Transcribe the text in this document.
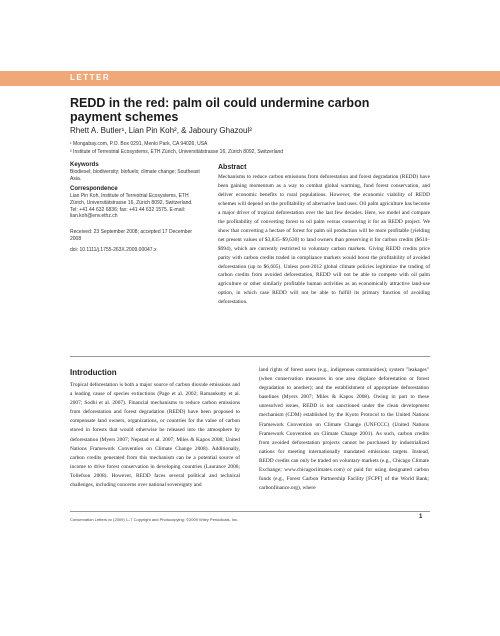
LETTER
REDD in the red: palm oil could undermine carbon payment schemes
Rhett A. Butler¹, Lian Pin Koh², & Jaboury Ghazoul²
¹ Mongabay.com, P.O. Box 0291, Menlo Park, CA 94026, USA
² Institute of Terrestrial Ecosystems, ETH Zürich, Universitätstrasse 16, Zürich 8092, Switzerland
Keywords
Biodiesel; biodiversity; biofuels; climate change; Southeast Asia.
Correspondence
Lian Pin Koh, Institute of Terrestrial Ecosystems, ETH Zürich, Universitätstrasse 16, Zürich 8092, Switzerland. Tel: +41 44 632 6836; fax: +41 44 632 1575. E-mail: lian.koh@env.ethz.ch
Received: 23 September 2008; accepted 17 December 2008
doi: 10.1111/j.1755-263X.2009.00047.x
Abstract

Mechanisms to reduce carbon emissions from deforestation and forest degradation (REDD) have been gaining momentum as a way to combat global warming, fund forest conservation, and deliver economic benefits to rural populations. However, the economic viability of REDD schemes will depend on the profitability of alternative land uses. Oil palm agriculture has become a major driver of tropical deforestation over the last few decades. Here, we model and compare the profitability of converting forest to oil palm versus conserving it for an REDD project. We show that converting a hectare of forest for palm oil production will be more profitable (yielding net present values of $3,835–$9,630) to land owners than preserving it for carbon credits ($614–$994), which are currently restricted to voluntary carbon markets. Giving REDD credits price parity with carbon credits traded in compliance markets would boost the profitability of avoided deforestation (up to $6,605). Unless post-2012 global climate policies legitimize the trading of carbon credits from avoided deforestation, REDD will not be able to compete with oil palm agriculture or other similarly profitable human activities as an economically attractive land-use option, in which case REDD will not be able to fulfill its primary function of avoiding deforestation.

Introduction

Tropical deforestation is both a major source of carbon dioxide emissions and a leading cause of species extinctions (Page et al. 2002; Ramankutty et al. 2007; Sodhi et al. 2007). Financial mechanisms to reduce carbon emissions from deforestation and forest degradation (REDD) have been proposed to compensate land owners, organizations, or countries for the value of carbon stored in forests that would otherwise be released into the atmosphere by deforestation (Myers 2007; Nepstad et al. 2007; Miles & Kapos 2008; United Nations Framework Convention on Climate Change 2008). Additionally, carbon credits generated from this mechanism can be a potential source of income to drive forest conservation in developing countries (Laurance 2006; Tollefson 2008). However, REDD faces several political and technical challenges, including concerns over national sovereignty and

land rights of forest users (e.g., indigenous communities); system "leakages" (when conservation measures in one area displace deforestation or forest degradation to another); and the establishment of appropriate deforestation baselines (Myers 2007; Miles & Kapos 2008). Owing in part to these unresolved issues, REDD is not sanctioned under the clean development mechanism (CDM) established by the Kyoto Protocol to the United Nations Framework Convention on Climate Change (UNFCCC) (United Nations Framework Convention on Climate Change 2001). As such, carbon credits from avoided deforestation projects cannot be purchased by industrialized nations for meeting internationally mandated emissions targets. Instead, REDD credits can only be traded on voluntary markets (e.g., Chicago Climate Exchange; www.chicagoclimatex.com) or paid for using designated carbon funds (e.g., Forest Carbon Partnership Facility [FCPF] of the World Bank; carbonfinance.org), where

Conservation Letters xx (2009) 1–7 Copyright and Photocopying: ©2009 Wiley Periodicals, Inc.	1
